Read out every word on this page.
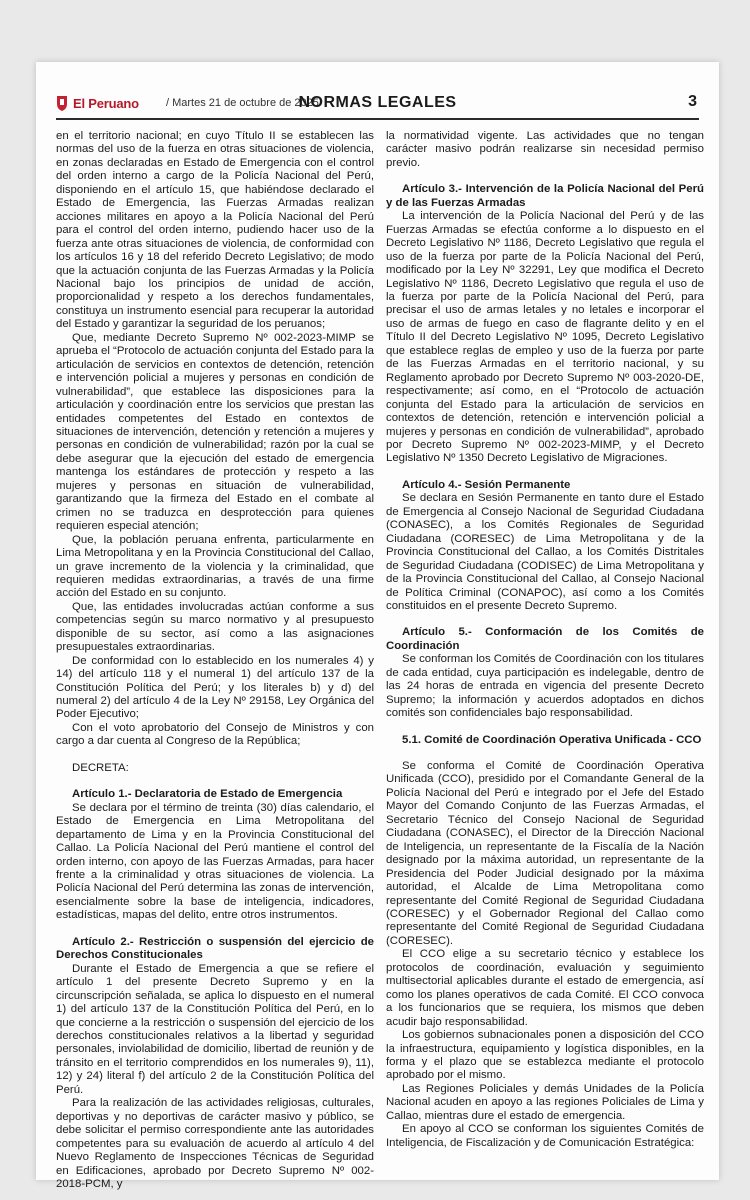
El Peruano / Martes 21 de octubre de 2025
NORMAS LEGALES	3

en el territorio nacional; en cuyo Título II se establecen las normas del uso de la fuerza en otras situaciones de violencia, en zonas declaradas en Estado de Emergencia con el control del orden interno a cargo de la Policía Nacional del Perú, disponiendo en el artículo 15, que habiéndose declarado el Estado de Emergencia, las Fuerzas Armadas realizan acciones militares en apoyo a la Policía Nacional del Perú para el control del orden interno, pudiendo hacer uso de la fuerza ante otras situaciones de violencia, de conformidad con los artículos 16 y 18 del referido Decreto Legislativo; de modo que la actuación conjunta de las Fuerzas Armadas y la Policía Nacional bajo los principios de unidad de acción, proporcionalidad y respeto a los derechos fundamentales, constituya un instrumento esencial para recuperar la autoridad del Estado y garantizar la seguridad de los peruanos;

Que, mediante Decreto Supremo Nº 002-2023-MIMP se aprueba el “Protocolo de actuación conjunta del Estado para la articulación de servicios en contextos de detención, retención e intervención policial a mujeres y personas en condición de vulnerabilidad”, que establece las disposiciones para la articulación y coordinación entre los servicios que prestan las entidades competentes del Estado en contextos de situaciones de intervención, detención y retención a mujeres y personas en condición de vulnerabilidad; razón por la cual se debe asegurar que la ejecución del estado de emergencia mantenga los estándares de protección y respeto a las mujeres y personas en situación de vulnerabilidad, garantizando que la firmeza del Estado en el combate al crimen no se traduzca en desprotección para quienes requieren especial atención;

Que, la población peruana enfrenta, particularmente en Lima Metropolitana y en la Provincia Constitucional del Callao, un grave incremento de la violencia y la criminalidad, que requieren medidas extraordinarias, a través de una firme acción del Estado en su conjunto.

Que, las entidades involucradas actúan conforme a sus competencias según su marco normativo y al presupuesto disponible de su sector, así como a las asignaciones presupuestales extraordinarias.

De conformidad con lo establecido en los numerales 4) y 14) del artículo 118 y el numeral 1) del artículo 137 de la Constitución Política del Perú; y los literales b) y d) del numeral 2) del artículo 4 de la Ley Nº 29158, Ley Orgánica del Poder Ejecutivo;

Con el voto aprobatorio del Consejo de Ministros y con cargo a dar cuenta al Congreso de la República;

DECRETA:

Artículo 1.- Declaratoria de Estado de Emergencia

Se declara por el término de treinta (30) días calendario, el Estado de Emergencia en Lima Metropolitana del departamento de Lima y en la Provincia Constitucional del Callao. La Policía Nacional del Perú mantiene el control del orden interno, con apoyo de las Fuerzas Armadas, para hacer frente a la criminalidad y otras situaciones de violencia. La Policía Nacional del Perú determina las zonas de intervención, esencialmente sobre la base de inteligencia, indicadores, estadísticas, mapas del delito, entre otros instrumentos.

Artículo 2.- Restricción o suspensión del ejercicio de Derechos Constitucionales

Durante el Estado de Emergencia a que se refiere el artículo 1 del presente Decreto Supremo y en la circunscripción señalada, se aplica lo dispuesto en el numeral 1) del artículo 137 de la Constitución Política del Perú, en lo que concierne a la restricción o suspensión del ejercicio de los derechos constitucionales relativos a la libertad y seguridad personales, inviolabilidad de domicilio, libertad de reunión y de tránsito en el territorio comprendidos en los numerales 9), 11), 12) y 24) literal f) del artículo 2 de la Constitución Política del Perú.

Para la realización de las actividades religiosas, culturales, deportivas y no deportivas de carácter masivo y público, se debe solicitar el permiso correspondiente ante las autoridades competentes para su evaluación de acuerdo al artículo 4 del Nuevo Reglamento de Inspecciones Técnicas de Seguridad en Edificaciones, aprobado por Decreto Supremo Nº 002-2018-PCM, y

la normatividad vigente. Las actividades que no tengan carácter masivo podrán realizarse sin necesidad permiso previo.

Artículo 3.- Intervención de la Policía Nacional del Perú y de las Fuerzas Armadas

La intervención de la Policía Nacional del Perú y de las Fuerzas Armadas se efectúa conforme a lo dispuesto en el Decreto Legislativo Nº 1186, Decreto Legislativo que regula el uso de la fuerza por parte de la Policía Nacional del Perú, modificado por la Ley Nº 32291, Ley que modifica el Decreto Legislativo Nº 1186, Decreto Legislativo que regula el uso de la fuerza por parte de la Policía Nacional del Perú, para precisar el uso de armas letales y no letales e incorporar el uso de armas de fuego en caso de flagrante delito y en el Título II del Decreto Legislativo Nº 1095, Decreto Legislativo que establece reglas de empleo y uso de la fuerza por parte de las Fuerzas Armadas en el territorio nacional, y su Reglamento aprobado por Decreto Supremo Nº 003-2020-DE, respectivamente; así como, en el “Protocolo de actuación conjunta del Estado para la articulación de servicios en contextos de detención, retención e intervención policial a mujeres y personas en condición de vulnerabilidad”, aprobado por Decreto Supremo Nº 002-2023-MIMP, y el Decreto Legislativo Nº 1350 Decreto Legislativo de Migraciones.

Artículo 4.- Sesión Permanente

Se declara en Sesión Permanente en tanto dure el Estado de Emergencia al Consejo Nacional de Seguridad Ciudadana (CONASEC), a los Comités Regionales de Seguridad Ciudadana (CORESEC) de Lima Metropolitana y de la Provincia Constitucional del Callao, a los Comités Distritales de Seguridad Ciudadana (CODISEC) de Lima Metropolitana y de la Provincia Constitucional del Callao, al Consejo Nacional de Política Criminal (CONAPOC), así como a los Comités constituidos en el presente Decreto Supremo.

Artículo 5.- Conformación de los Comités de Coordinación

Se conforman los Comités de Coordinación con los titulares de cada entidad, cuya participación es indelegable, dentro de las 24 horas de entrada en vigencia del presente Decreto Supremo; la información y acuerdos adoptados en dichos comités son confidenciales bajo responsabilidad.

5.1. Comité de Coordinación Operativa Unificada - CCO

Se conforma el Comité de Coordinación Operativa Unificada (CCO), presidido por el Comandante General de la Policía Nacional del Perú e integrado por el Jefe del Estado Mayor del Comando Conjunto de las Fuerzas Armadas, el Secretario Técnico del Consejo Nacional de Seguridad Ciudadana (CONASEC), el Director de la Dirección Nacional de Inteligencia, un representante de la Fiscalía de la Nación designado por la máxima autoridad, un representante de la Presidencia del Poder Judicial designado por la máxima autoridad, el Alcalde de Lima Metropolitana como representante del Comité Regional de Seguridad Ciudadana (CORESEC) y el Gobernador Regional del Callao como representante del Comité Regional de Seguridad Ciudadana (CORESEC).

El CCO elige a su secretario técnico y establece los protocolos de coordinación, evaluación y seguimiento multisectorial aplicables durante el estado de emergencia, así como los planes operativos de cada Comité. El CCO convoca a los funcionarios que se requiera, los mismos que deben acudir bajo responsabilidad.

Los gobiernos subnacionales ponen a disposición del CCO la infraestructura, equipamiento y logística disponibles, en la forma y el plazo que se establezca mediante el protocolo aprobado por el mismo.

Las Regiones Policiales y demás Unidades de la Policía Nacional acuden en apoyo a las regiones Policiales de Lima y Callao, mientras dure el estado de emergencia.

En apoyo al CCO se conforman los siguientes Comités de Inteligencia, de Fiscalización y de Comunicación Estratégica:
